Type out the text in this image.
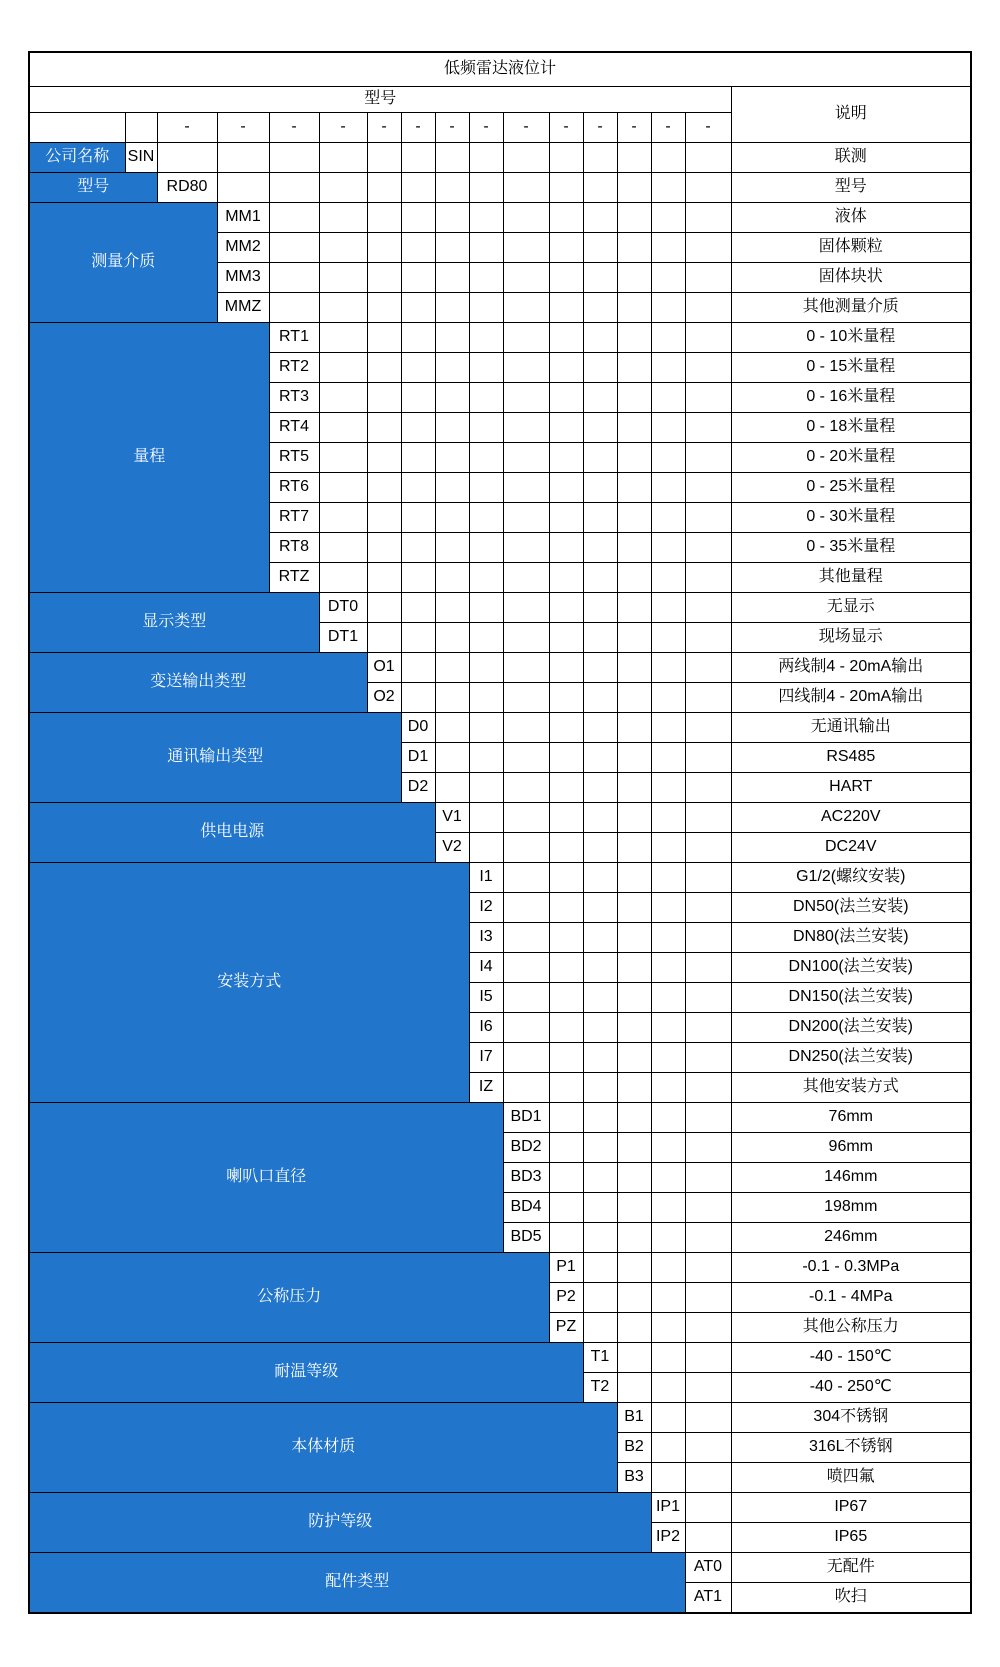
低频雷达液位计																
型号																说明
		-	-	-	-	-	-	-	-	-	-	-	-	-	-	
公司名称	SIN															联测
型号		RD80														型号
测量介质			MM1													液体
			MM2													固体颗粒
			MM3													固体块状
			MMZ													其他测量介质
量程				RT1												0 - 10米量程
				RT2												0 - 15米量程
				RT3												0 - 16米量程
				RT4												0 - 18米量程
				RT5												0 - 20米量程
				RT6												0 - 25米量程
				RT7												0 - 30米量程
				RT8												0 - 35米量程
				RTZ												其他量程
显示类型					DT0											无显示
					DT1											现场显示
变送输出类型						O1										两线制4 - 20mA输出
						O2										四线制4 - 20mA输出
通讯输出类型							D0									无通讯输出
							D1									RS485
							D2									HART
供电电源								V1								AC220V
								V2								DC24V
安装方式									I1							G1/2(螺纹安装)
									I2							DN50(法兰安装)
									I3							DN80(法兰安装)
									I4							DN100(法兰安装)
									I5							DN150(法兰安装)
									I6							DN200(法兰安装)
									I7							DN250(法兰安装)
									IZ							其他安装方式
喇叭口直径										BD1						76mm
										BD2						96mm
										BD3						146mm
										BD4						198mm
										BD5						246mm
公称压力											P1					-0.1 - 0.3MPa
											P2					-0.1 - 4MPa
											PZ					其他公称压力
耐温等级												T1				-40 - 150℃
												T2				-40 - 250℃
本体材质													B1			304不锈钢
													B2			316L不锈钢
													B3			喷四氟
防护等级														IP1		IP67
														IP2		IP65
配件类型															AT0	无配件
															AT1	吹扫
